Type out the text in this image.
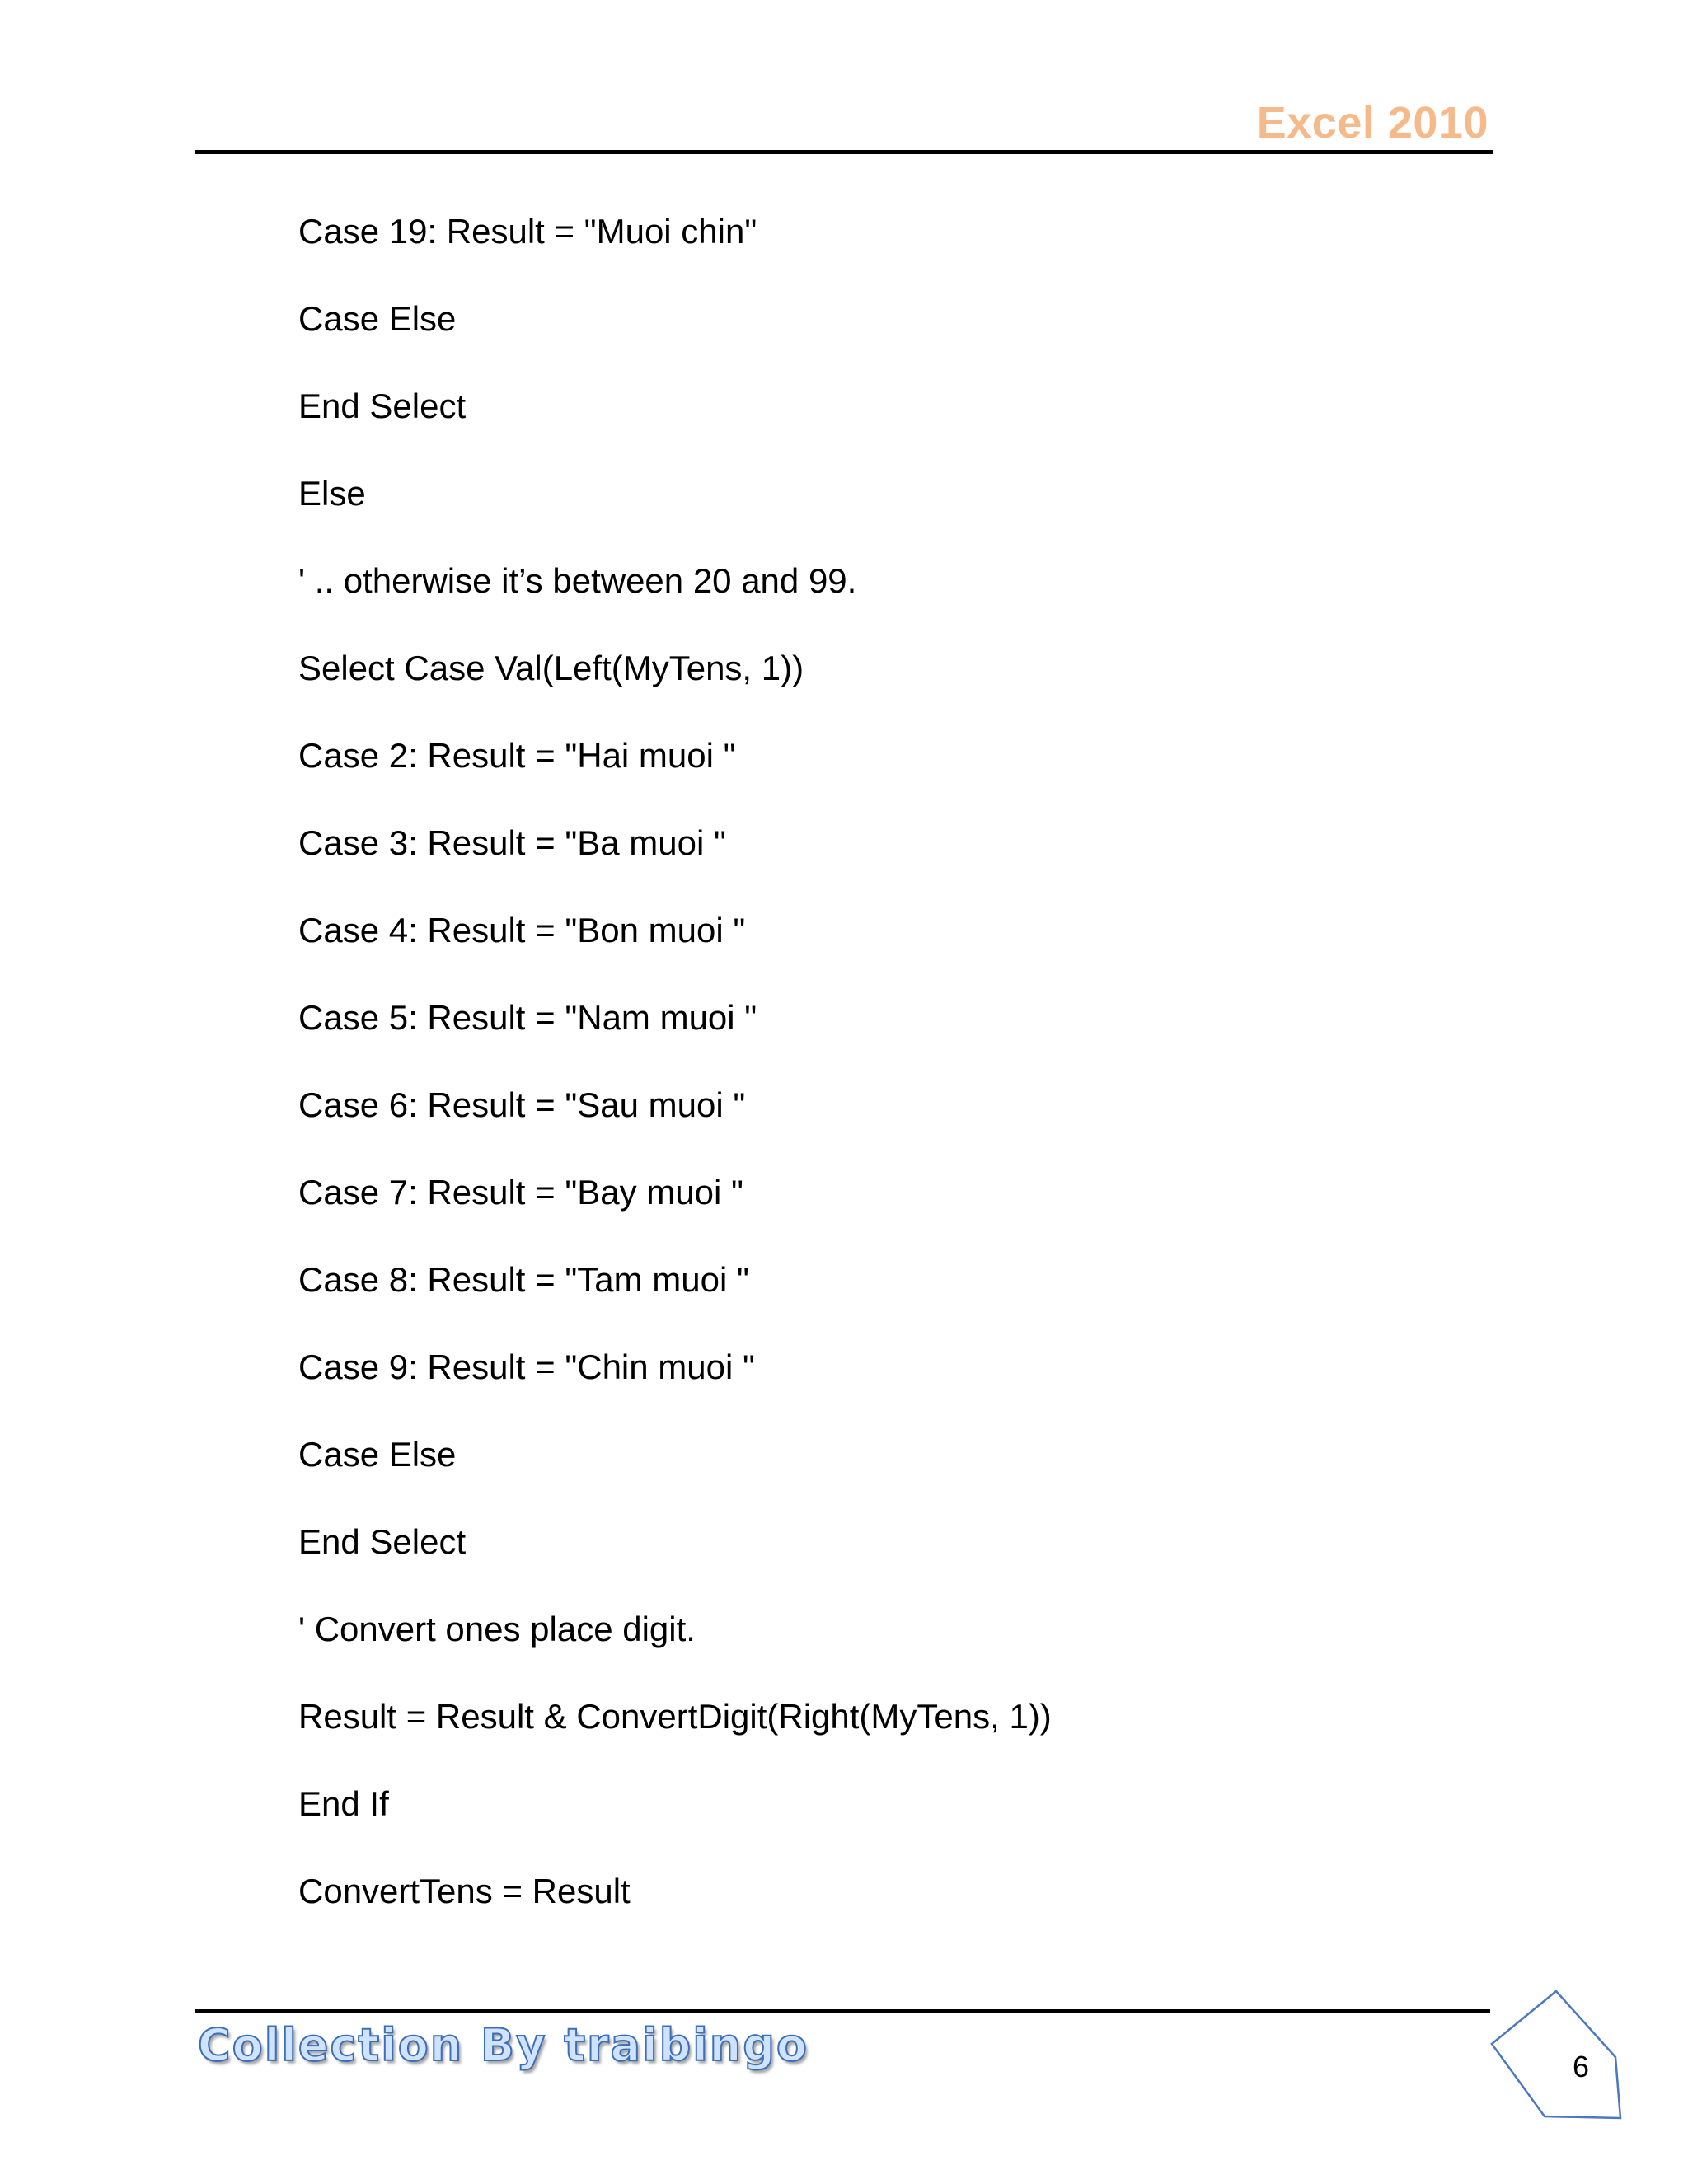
Excel 2010
Case 19: Result = "Muoi chin"
Case Else
End Select
Else
' .. otherwise it’s between 20 and 99.
Select Case Val(Left(MyTens, 1))
Case 2: Result = "Hai muoi "
Case 3: Result = "Ba muoi "
Case 4: Result = "Bon muoi "
Case 5: Result = "Nam muoi "
Case 6: Result = "Sau muoi "
Case 7: Result = "Bay muoi "
Case 8: Result = "Tam muoi "
Case 9: Result = "Chin muoi "
Case Else
End Select
' Convert ones place digit.
Result = Result & ConvertDigit(Right(MyTens, 1))
End If
ConvertTens = Result
Collection By traibingo	6
